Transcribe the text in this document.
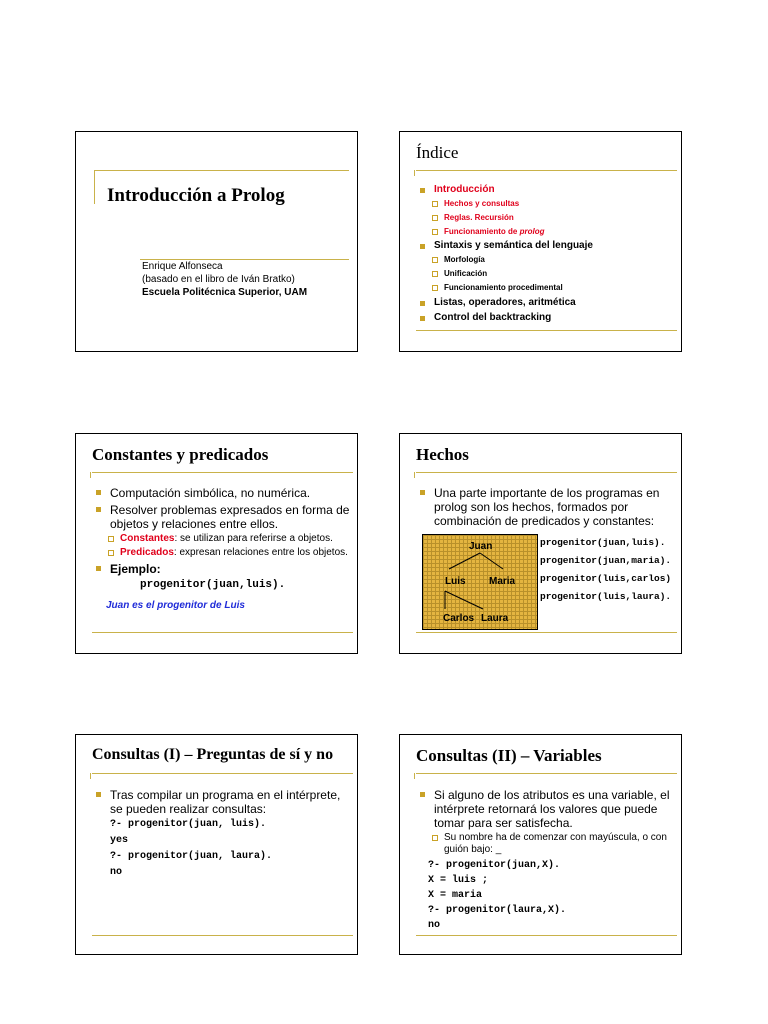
Introducción a Prolog
Enrique Alfonseca
(basado en el libro de Iván Bratko)
Escuela Politécnica Superior, UAM
Índice
Introducción
Hechos y consultas
Reglas. Recursión
Funcionamiento de prolog
Sintaxis y semántica del lenguaje
Morfología
Unificación
Funcionamiento procedimental
Listas, operadores, aritmética
Control del backtracking
Constantes y predicados
Computación simbólica, no numérica.
Resolver problemas expresados en forma de objetos y relaciones entre ellos.
Constantes: se utilizan para referirse a objetos.
Predicados: expresan relaciones entre los objetos.
Ejemplo:
progenitor(juan,luis).
Juan es el progenitor de Luis
Hechos
Una parte importante de los programas en prolog son los hechos, formados por combinación de predicados y constantes:
Juan
Luis Maria
Carlos Laura
progenitor(juan,luis).
progenitor(juan,maria).
progenitor(luis,carlos)
progenitor(luis,laura).
Consultas (I) – Preguntas de sí y no
Tras compilar un programa en el intérprete, se pueden realizar consultas:
?- progenitor(juan, luis).
yes
?- progenitor(juan, laura).
no
Consultas (II) – Variables
Si alguno de los atributos es una variable, el intérprete retornará los valores que puede tomar para ser satisfecha.
Su nombre ha de comenzar con mayúscula, o con guión bajo: _
?- progenitor(juan,X).
X = luis ;
X = maria
?- progenitor(laura,X).
no
